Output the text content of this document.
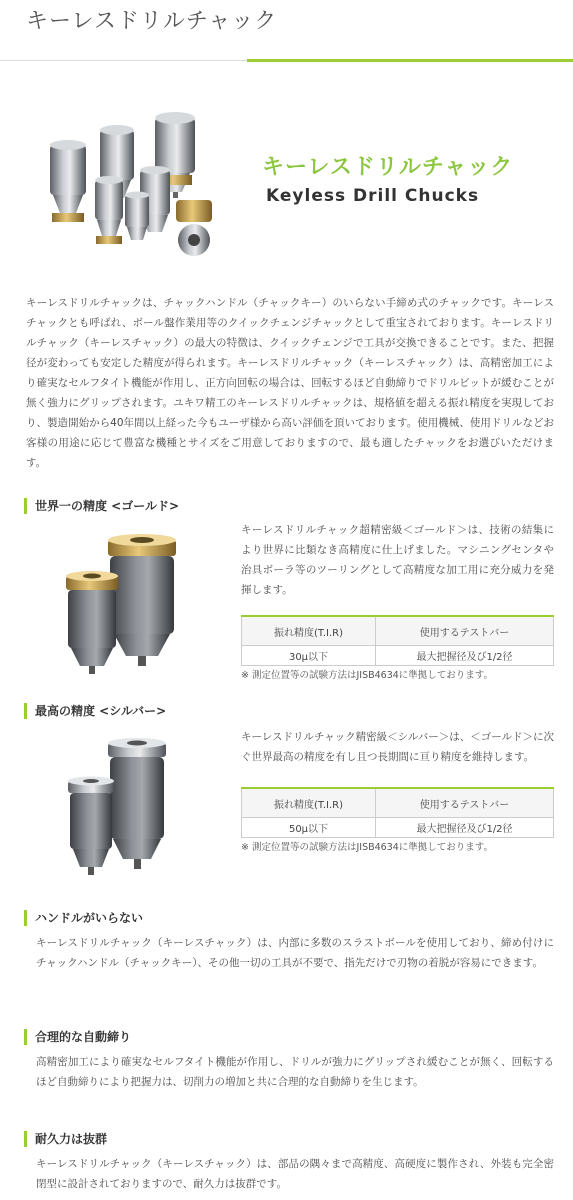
キーレスドリルチャック
キーレスドリルチャック
Keyless Drill Chucks
キーレスドリルチャックは、チャックハンドル（チャックキー）のいらない手締め式のチャックです。キーレスチャックとも呼ばれ、ボール盤作業用等のクイックチェンジチャックとして重宝されております。キーレスドリルチャック（キーレスチャック）の最大の特徴は、クイックチェンジで工具が交換できることです。また、把握径が変わっても安定した精度が得られます。キーレスドリルチャック（キーレスチャック）は、高精密加工により確実なセルフタイト機能が作用し、正方向回転の場合は、回転するほど自動締りでドリルビットが緩むことが無く強力にグリップされます。ユキワ精工のキーレスドリルチャックは、規格値を超える振れ精度を実現しており、製造開始から40年間以上経った今もユーザ様から高い評価を頂いております。使用機械、使用ドリルなどお客様の用途に応じて豊富な機種とサイズをご用意しておりますので、最も適したチャックをお選びいただけます。
世界一の精度 <ゴールド>
キーレスドリルチャック超精密級＜ゴールド＞は、技術の結集により世界に比類なき高精度に仕上げました。マシニングセンタや治具ボーラ等のツーリングとして高精度な加工用に充分威力を発揮します。
振れ精度(T.I.R)	使用するテストバー
30μ以下	最大把握径及び1/2径
※ 測定位置等の試験方法はJISB4634に準拠しております。
最高の精度 <シルバー>
キーレスドリルチャック精密級＜シルバー＞は、＜ゴールド＞に次ぐ世界最高の精度を有し且つ長期間に亘り精度を維持します。
振れ精度(T.I.R)	使用するテストバー
50μ以下	最大把握径及び1/2径
※ 測定位置等の試験方法はJISB4634に準拠しております。
ハンドルがいらない
キーレスドリルチャック（キーレスチャック）は、内部に多数のスラストボールを使用しており、締め付けにチャックハンドル（チャックキー）、その他一切の工具が不要で、指先だけで刃物の着脱が容易にできます。
合理的な自動締り
高精密加工により確実なセルフタイト機能が作用し、ドリルが強力にグリップされ緩むことが無く、回転するほど自動締りにより把握力は、切削力の増加と共に合理的な自動締りを生じます。
耐久力は抜群
キーレスドリルチャック（キーレスチャック）は、部品の隅々まで高精度、高硬度に製作され、外装も完全密閉型に設計されておりますので、耐久力は抜群です。
